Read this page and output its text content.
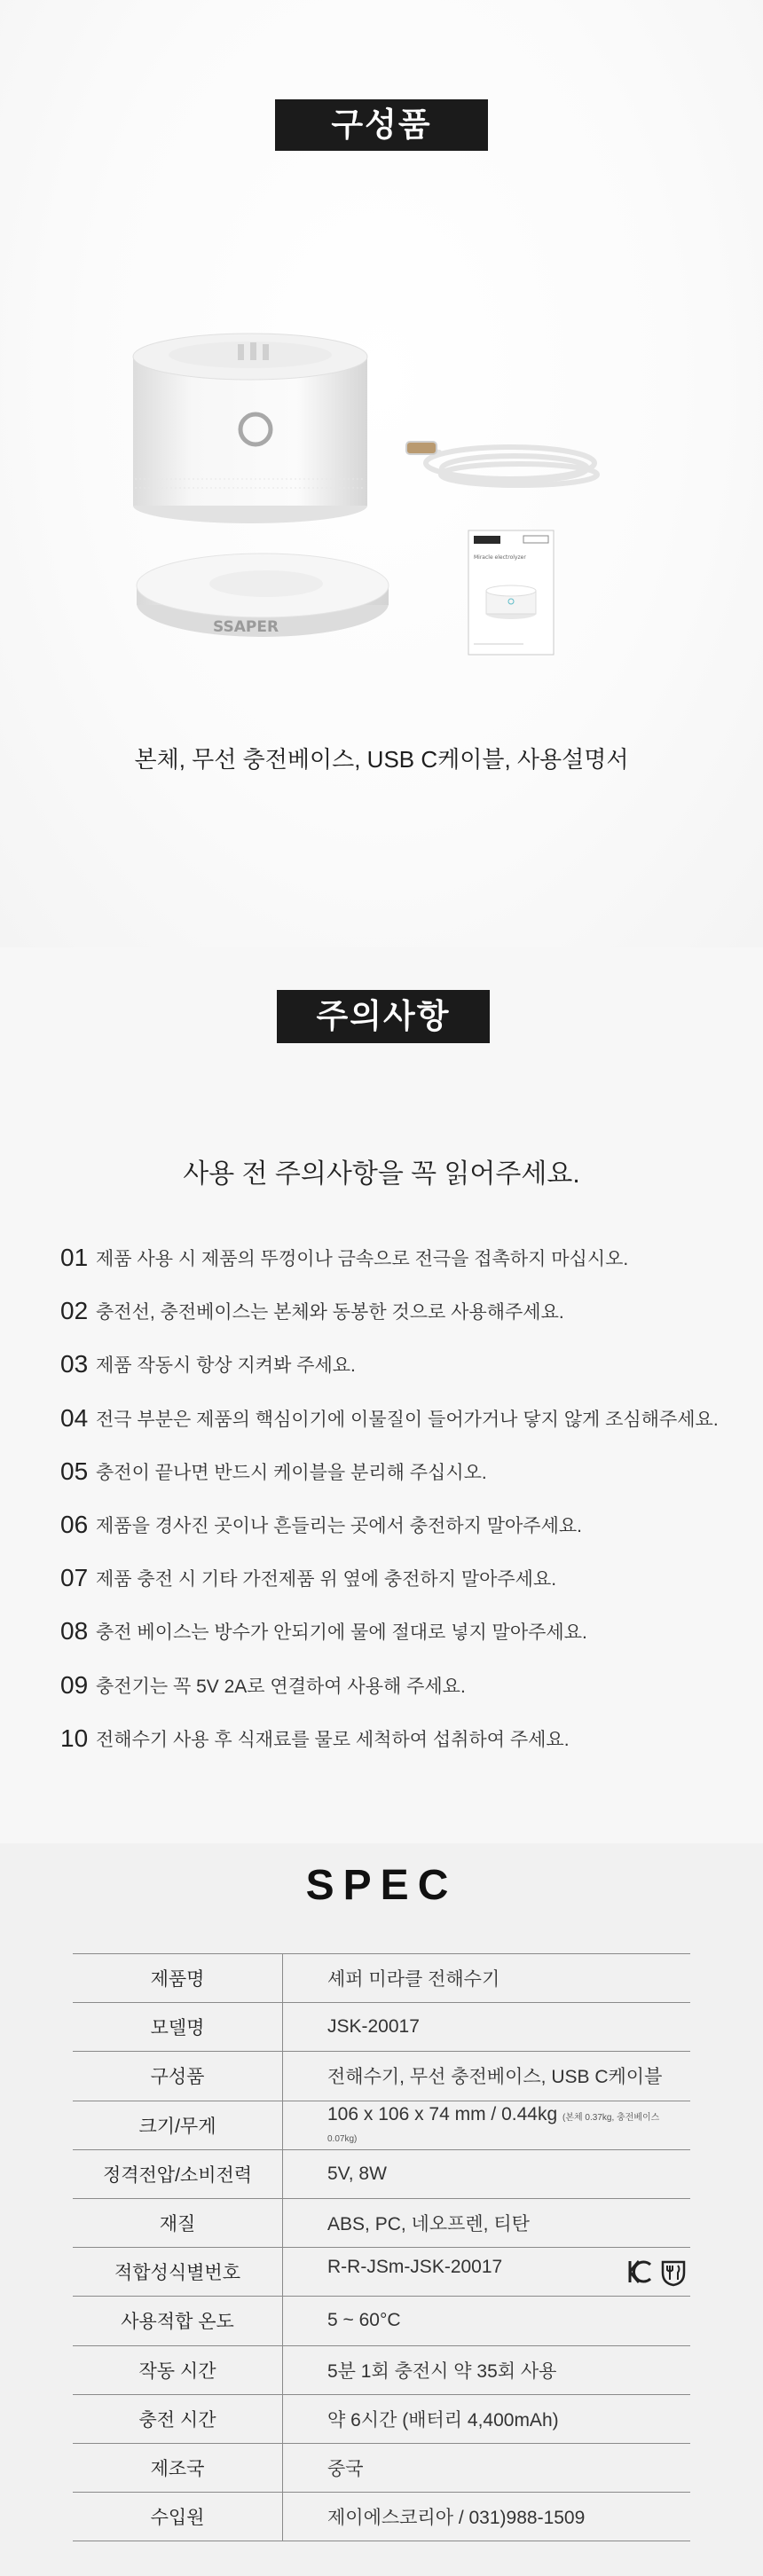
구성품
SSAPER
Miracle electrolyzer
본체, 무선 충전베이스, USB C케이블, 사용설명서
주의사항
사용 전 주의사항을 꼭 읽어주세요.
01 제품 사용 시 제품의 뚜껑이나 금속으로 전극을 접촉하지 마십시오.
02 충전선, 충전베이스는 본체와 동봉한 것으로 사용해주세요.
03 제품 작동시 항상 지켜봐 주세요.
04 전극 부분은 제품의 핵심이기에 이물질이 들어가거나 닿지 않게 조심해주세요.
05 충전이 끝나면 반드시 케이블을 분리해 주십시오.
06 제품을 경사진 곳이나 흔들리는 곳에서 충전하지 말아주세요.
07 제품 충전 시 기타 가전제품 위 옆에 충전하지 말아주세요.
08 충전 베이스는 방수가 안되기에 물에 절대로 넣지 말아주세요.
09 충전기는 꼭 5V 2A로 연결하여 사용해 주세요.
10 전해수기 사용 후 식재료를 물로 세척하여 섭취하여 주세요.
SPEC
제품명	셰퍼 미라클 전해수기
모델명	JSK-20017
구성품	전해수기, 무선 충전베이스, USB C케이블
크기/무게	106 x 106 x 74 mm / 0.44kg (본체 0.37kg, 충전베이스 0.07kg)
정격전압/소비전력	5V, 8W
재질	ABS, PC, 네오프렌, 티탄
적합성식별번호	R-R-JSm-JSK-20017

사용적합 온도	5 ~ 60°C
작동 시간	5분 1회 충전시 약 35회 사용
충전 시간	약 6시간 (배터리 4,400mAh)
제조국	중국
수입원	제이에스코리아 / 031)988-1509
